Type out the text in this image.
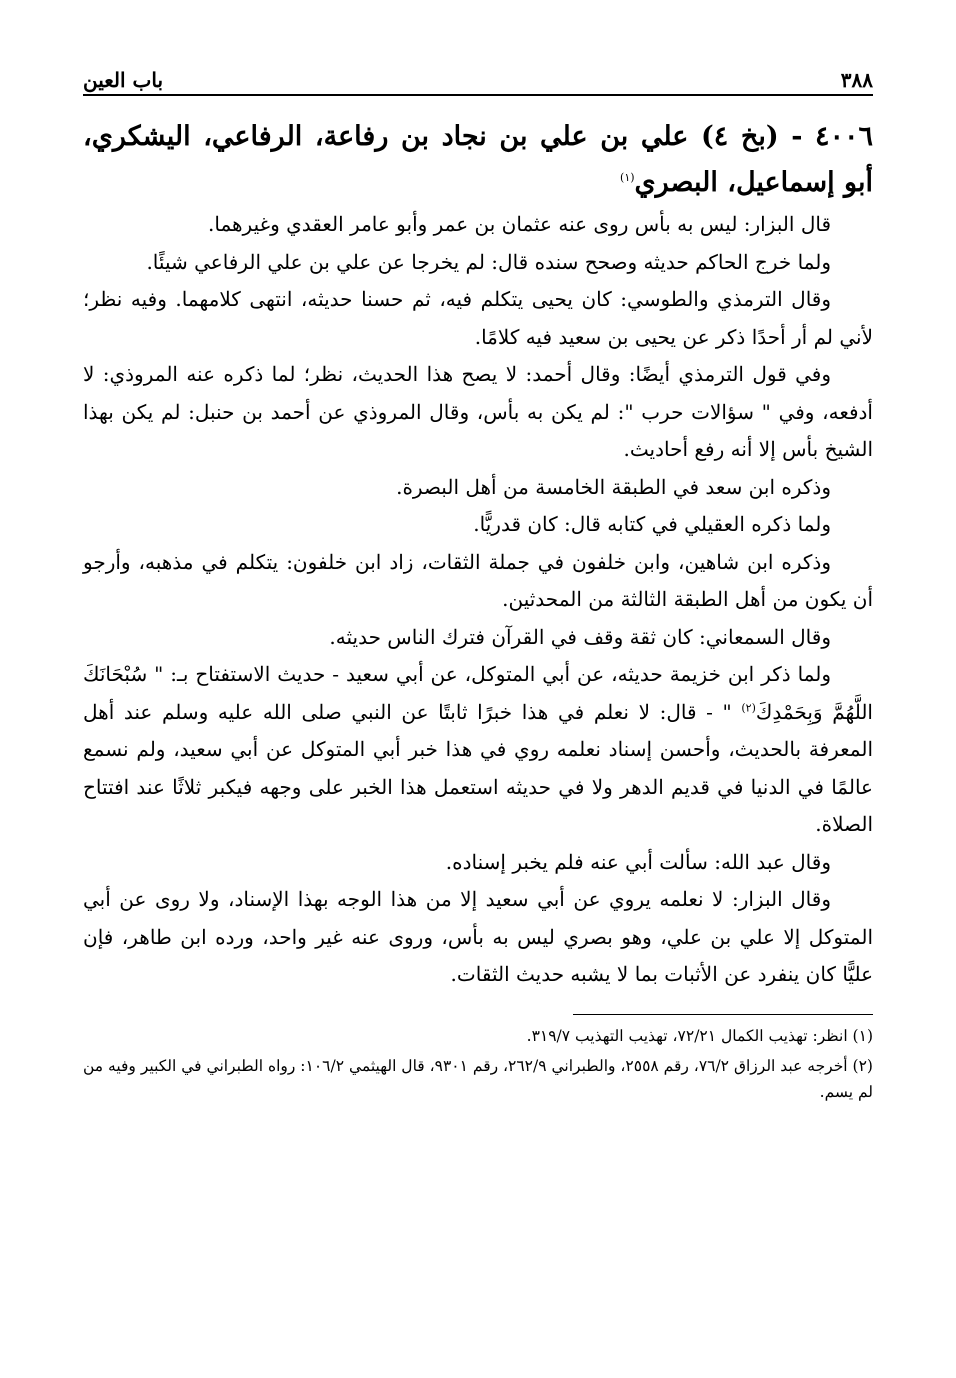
٣٨٨
باب العين
٤٠٠٦ - (بخ ٤) علي بن علي بن نجاد بن رفاعة، الرفاعي، اليشكري، أبو إسماعيل، البصري$^{(١)}$

قال البزار: ليس به بأس روى عنه عثمان بن عمر وأبو عامر العقدي وغيرهما.

ولما خرج الحاكم حديثه وصحح سنده قال: لم يخرجا عن علي بن علي الرفاعي شيئًا.

وقال الترمذي والطوسي: كان يحيى يتكلم فيه، ثم حسنا حديثه، انتهى كلامهما. وفيه نظر؛ لأني لم أر أحدًا ذكر عن يحيى بن سعيد فيه كلامًا.

وفي قول الترمذي أيضًا: وقال أحمد: لا يصح هذا الحديث، نظر؛ لما ذكره عنه المروذي: لا أدفعه، وفي " سؤالات حرب ": لم يكن به بأس، وقال المروذي عن أحمد بن حنبل: لم يكن بهذا الشيخ بأس إلا أنه رفع أحاديث.

وذكره ابن سعد في الطبقة الخامسة من أهل البصرة.

ولما ذكره العقيلي في كتابه قال: كان قدريًّا.

وذكره ابن شاهين، وابن خلفون في جملة الثقات، زاد ابن خلفون: يتكلم في مذهبه، وأرجو أن يكون من أهل الطبقة الثالثة من المحدثين.

وقال السمعاني: كان ثقة وقف في القرآن فترك الناس حديثه.

ولما ذكر ابن خزيمة حديثه، عن أبي المتوكل، عن أبي سعيد - حديث الاستفتاح بـ: " سُبْحَانَكَ اللَّهُمَّ وَبِحَمْدِكَ$^{(٢)}$ " - قال: لا نعلم في هذا خبرًا ثابتًا عن النبي صلى الله عليه وسلم عند أهل المعرفة بالحديث، وأحسن إسناد نعلمه روي في هذا خبر أبي المتوكل عن أبي سعيد، ولم نسمع عالمًا في الدنيا في قديم الدهر ولا في حديثه استعمل هذا الخبر على وجهه فيكبر ثلاثًا عند افتتاح الصلاة.

وقال عبد الله: سألت أبي عنه فلم يخبر إسناده.

وقال البزار: لا نعلمه يروي عن أبي سعيد إلا من هذا الوجه بهذا الإسناد، ولا روى عن أبي المتوكل إلا علي بن علي، وهو بصري ليس به بأس، وروى عنه غير واحد، ورده ابن طاهر، فإن عليًّا كان ينفرد عن الأثبات بما لا يشبه حديث الثقات.

(١) انظر: تهذيب الكمال ٧٢/٢١، تهذيب التهذيب ٣١٩/٧.

(٢) أخرجه عبد الرزاق ٧٦/٢، رقم ٢٥٥٨، والطبراني ٢٦٢/٩، رقم ٩٣٠١، قال الهيثمي ١٠٦/٢: رواه الطبراني في الكبير وفيه من لم يسم.
